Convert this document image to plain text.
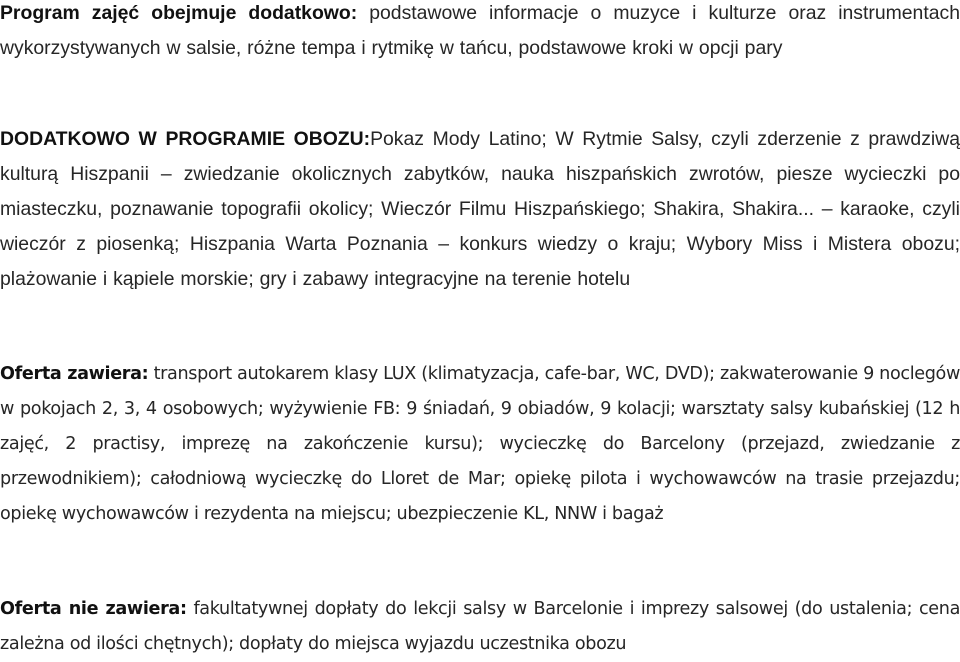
Program zajęć obejmuje dodatkowo: podstawowe informacje o muzyce i kulturze oraz instrumentach wykorzystywanych w salsie, różne tempa i rytmikę w tańcu, podstawowe kroki w opcji pary

DODATKOWO W PROGRAMIE OBOZU:Pokaz Mody Latino; W Rytmie Salsy, czyli zderzenie z prawdziwą kulturą Hiszpanii – zwiedzanie okolicznych zabytków, nauka hiszpańskich zwrotów, piesze wycieczki po miasteczku, poznawanie topografii okolicy; Wieczór Filmu Hiszpańskiego; Shakira, Shakira... – karaoke, czyli wieczór z piosenką; Hiszpania Warta Poznania – konkurs wiedzy o kraju; Wybory Miss i Mistera obozu; plażowanie i kąpiele morskie; gry i zabawy integracyjne na terenie hotelu

Oferta zawiera: transport autokarem klasy LUX (klimatyzacja, cafe-bar, WC, DVD); zakwaterowanie 9 noclegów w pokojach 2, 3, 4 osobowych; wyżywienie FB: 9 śniadań, 9 obiadów, 9 kolacji; warsztaty salsy kubańskiej (12 h zajęć, 2 practisy, imprezę na zakończenie kursu); wycieczkę do Barcelony (przejazd, zwiedzanie z przewodnikiem); całodniową wycieczkę do Lloret de Mar; opiekę pilota i wychowawców na trasie przejazdu; opiekę wychowawców i rezydenta na miejscu; ubezpieczenie KL, NNW i bagaż

Oferta nie zawiera: fakultatywnej dopłaty do lekcji salsy w Barcelonie i imprezy salsowej (do ustalenia; cena zależna od ilości chętnych); dopłaty do miejsca wyjazdu uczestnika obozu
